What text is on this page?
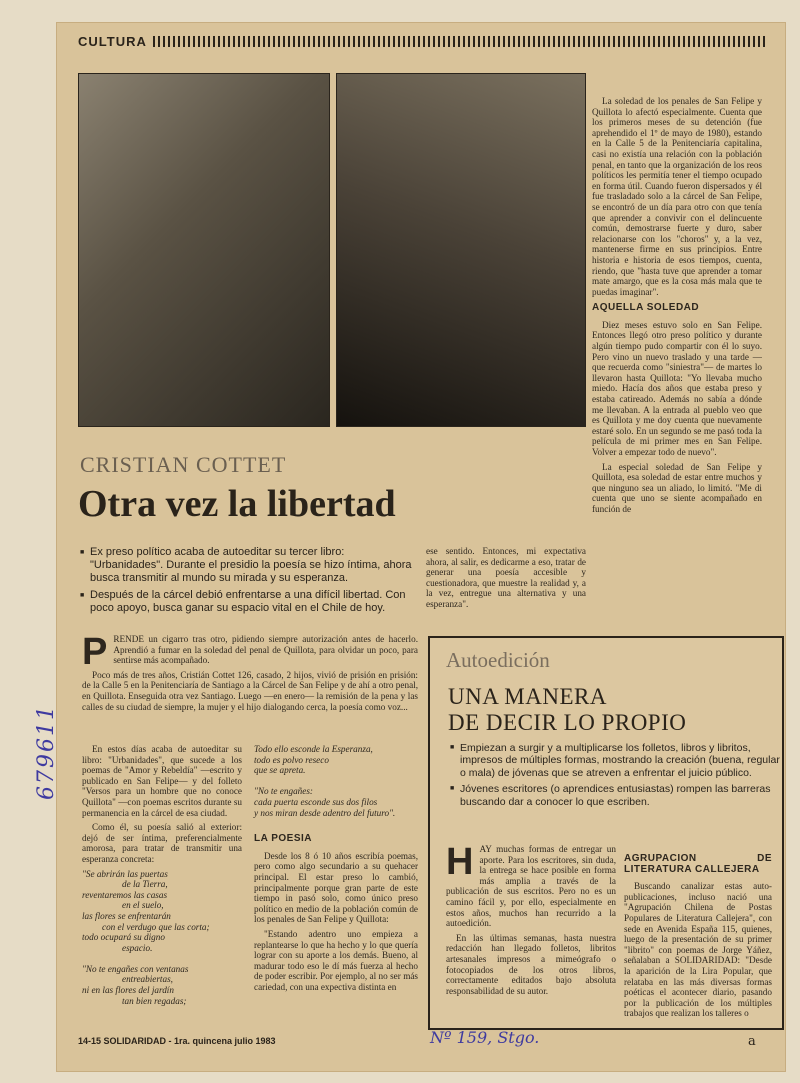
CULTURA
CRISTIAN COTTET
Otra vez la libertad

■ Ex preso político acaba de autoeditar su tercer libro: "Urbanidades". Durante el presidio la poesía se hizo íntima, ahora busca transmitir al mundo su mirada y su esperanza.

■ Después de la cárcel debió enfrentarse a una difícil libertad. Con poco apoyo, busca ganar su espacio vital en el Chile de hoy.

La soledad de los penales de San Felipe y Quillota lo afectó especialmente. Cuenta que los primeros meses de su detención (fue aprehendido el 1º de mayo de 1980), estando en la Calle 5 de la Penitenciaría capitalina, casi no existía una relación con la población penal, en tanto que la organización de los reos políticos les permitía tener el tiempo ocupado en forma útil. Cuando fueron dispersados y él fue trasladado solo a la cárcel de San Felipe, se encontró de un día para otro con que tenía que aprender a convivir con el delincuente común, demostrarse fuerte y duro, saber relacionarse con los "choros" y, a la vez, mantenerse firme en sus principios. Entre historia e historia de esos tiempos, cuenta, riendo, que "hasta tuve que aprender a tomar mate amargo, que es la cosa más mala que te puedas imaginar".

AQUELLA SOLEDAD

Diez meses estuvo solo en San Felipe. Entonces llegó otro preso político y durante algún tiempo pudo compartir con él lo suyo. Pero vino un nuevo traslado y una tarde —que recuerda como "siniestra"— de martes lo llevaron hasta Quillota: "Yo llevaba mucho miedo. Hacía dos años que estaba preso y estaba catireado. Además no sabía a dónde me llevaban. A la entrada al pueblo veo que es Quillota y me doy cuenta que nuevamente estaré solo. En un segundo se me pasó toda la película de mi primer mes en San Felipe. Volver a empezar todo de nuevo".

La especial soledad de San Felipe y Quillota, esa soledad de estar entre muchos y que ninguno sea un aliado, lo limitó. "Me di cuenta que uno se siente acompañado en función de

ese sentido. Entonces, mi expectativa ahora, al salir, es dedicarme a eso, tratar de generar una poesía accesible y cuestionadora, que muestre la realidad y, a la vez, entregue una alternativa y una esperanza".

P RENDE un cigarro tras otro, pidiendo siempre autorización antes de hacerlo. Aprendió a fumar en la soledad del penal de Quillota, para olvidar un poco, para sentirse más acompañado.

Poco más de tres años, Cristián Cottet 126, casado, 2 hijos, vivió de prisión en prisión: de la Calle 5 en la Penitenciaría de Santiago a la Cárcel de San Felipe y de ahí a otro penal, en Quillota. Enseguida otra vez Santiago. Luego —en enero— la remisión de la pena y las calles de su ciudad de siempre, la mujer y el hijo dialogando cerca, la poesía como voz...

En estos días acaba de autoeditar su libro: "Urbanidades", que sucede a los poemas de "Amor y Rebeldía" —escrito y publicado en San Felipe— y del folleto "Versos para un hombre que no conoce Quillota" —con poemas escritos durante su permanencia en la cárcel de esa ciudad.

Como él, su poesía salió al exterior: dejó de ser íntima, preferencialmente amorosa, para tratar de transmitir una esperanza concreta:

"Se abrirán las puertas

de la Tierra,

reventaremos las casas

en el suelo,

las flores se enfrentarán

con el verdugo que las corta;

todo ocupará su digno

espacio.

"No te engañes con ventanas

entreabiertas,

ni en las flores del jardín

tan bien regadas;

Todo ello esconde la Esperanza,

todo es polvo reseco

que se apreta.

"No te engañes:

cada puerta esconde sus dos filos

y nos miran desde adentro del futuro".

LA POESIA

Desde los 8 ó 10 años escribía poemas, pero como algo secundario a su quehacer principal. El estar preso lo cambió, principalmente porque gran parte de este tiempo in pasó solo, como único preso político en medio de la población común de los penales de San Felipe y Quillota:

"Estando adentro uno empieza a replantearse lo que ha hecho y lo que quería lograr con su aporte a los demás. Bueno, al madurar todo eso le dí más fuerza al hecho de poder escribir. Por ejemplo, al no ser más cariedad, con una expectiva distinta en

Autoedición
UNA MANERA
DE DECIR LO PROPIO

■ Empiezan a surgir y a multiplicarse los folletos, libros y libritos, impresos de múltiples formas, mostrando la creación (buena, regular o mala) de jóvenas que se atreven a enfrentar el juicio público.

■ Jóvenes escritores (o aprendices entusiastas) rompen las barreras buscando dar a conocer lo que escriben.

H AY muchas formas de entregar un aporte. Para los escritores, sin duda, la entrega se hace posible en forma más amplia a través de la publicación de sus escritos. Pero no es un camino fácil y, por ello, especialmente en estos años, muchos han recurrido a la autoedición.

En las últimas semanas, hasta nuestra redacción han llegado folletos, libritos artesanales impresos a mimeógrafo o fotocopiados de los otros libros, correctamente editados bajo absoluta responsabilidad de su autor.

AGRUPACION DE LITERATURA CALLEJERA

Buscando canalizar estas auto-publicaciones, incluso nació una "Agrupación Chilena de Postas Populares de Literatura Callejera", con sede en Avenida España 115, quienes, luego de la presentación de su primer "librito" con poemas de Jorge Yáñez, señalaban a SOLIDARIDAD: "Desde la aparición de la Lira Popular, que relataba en las más diversas formas poéticas el acontecer diario, pasando por la publicación de los múltiples trabajos que realizan los talleres o

14-15 SOLIDARIDAD - 1ra. quincena julio 1983	Nº 159, Stgo.
679611
a
